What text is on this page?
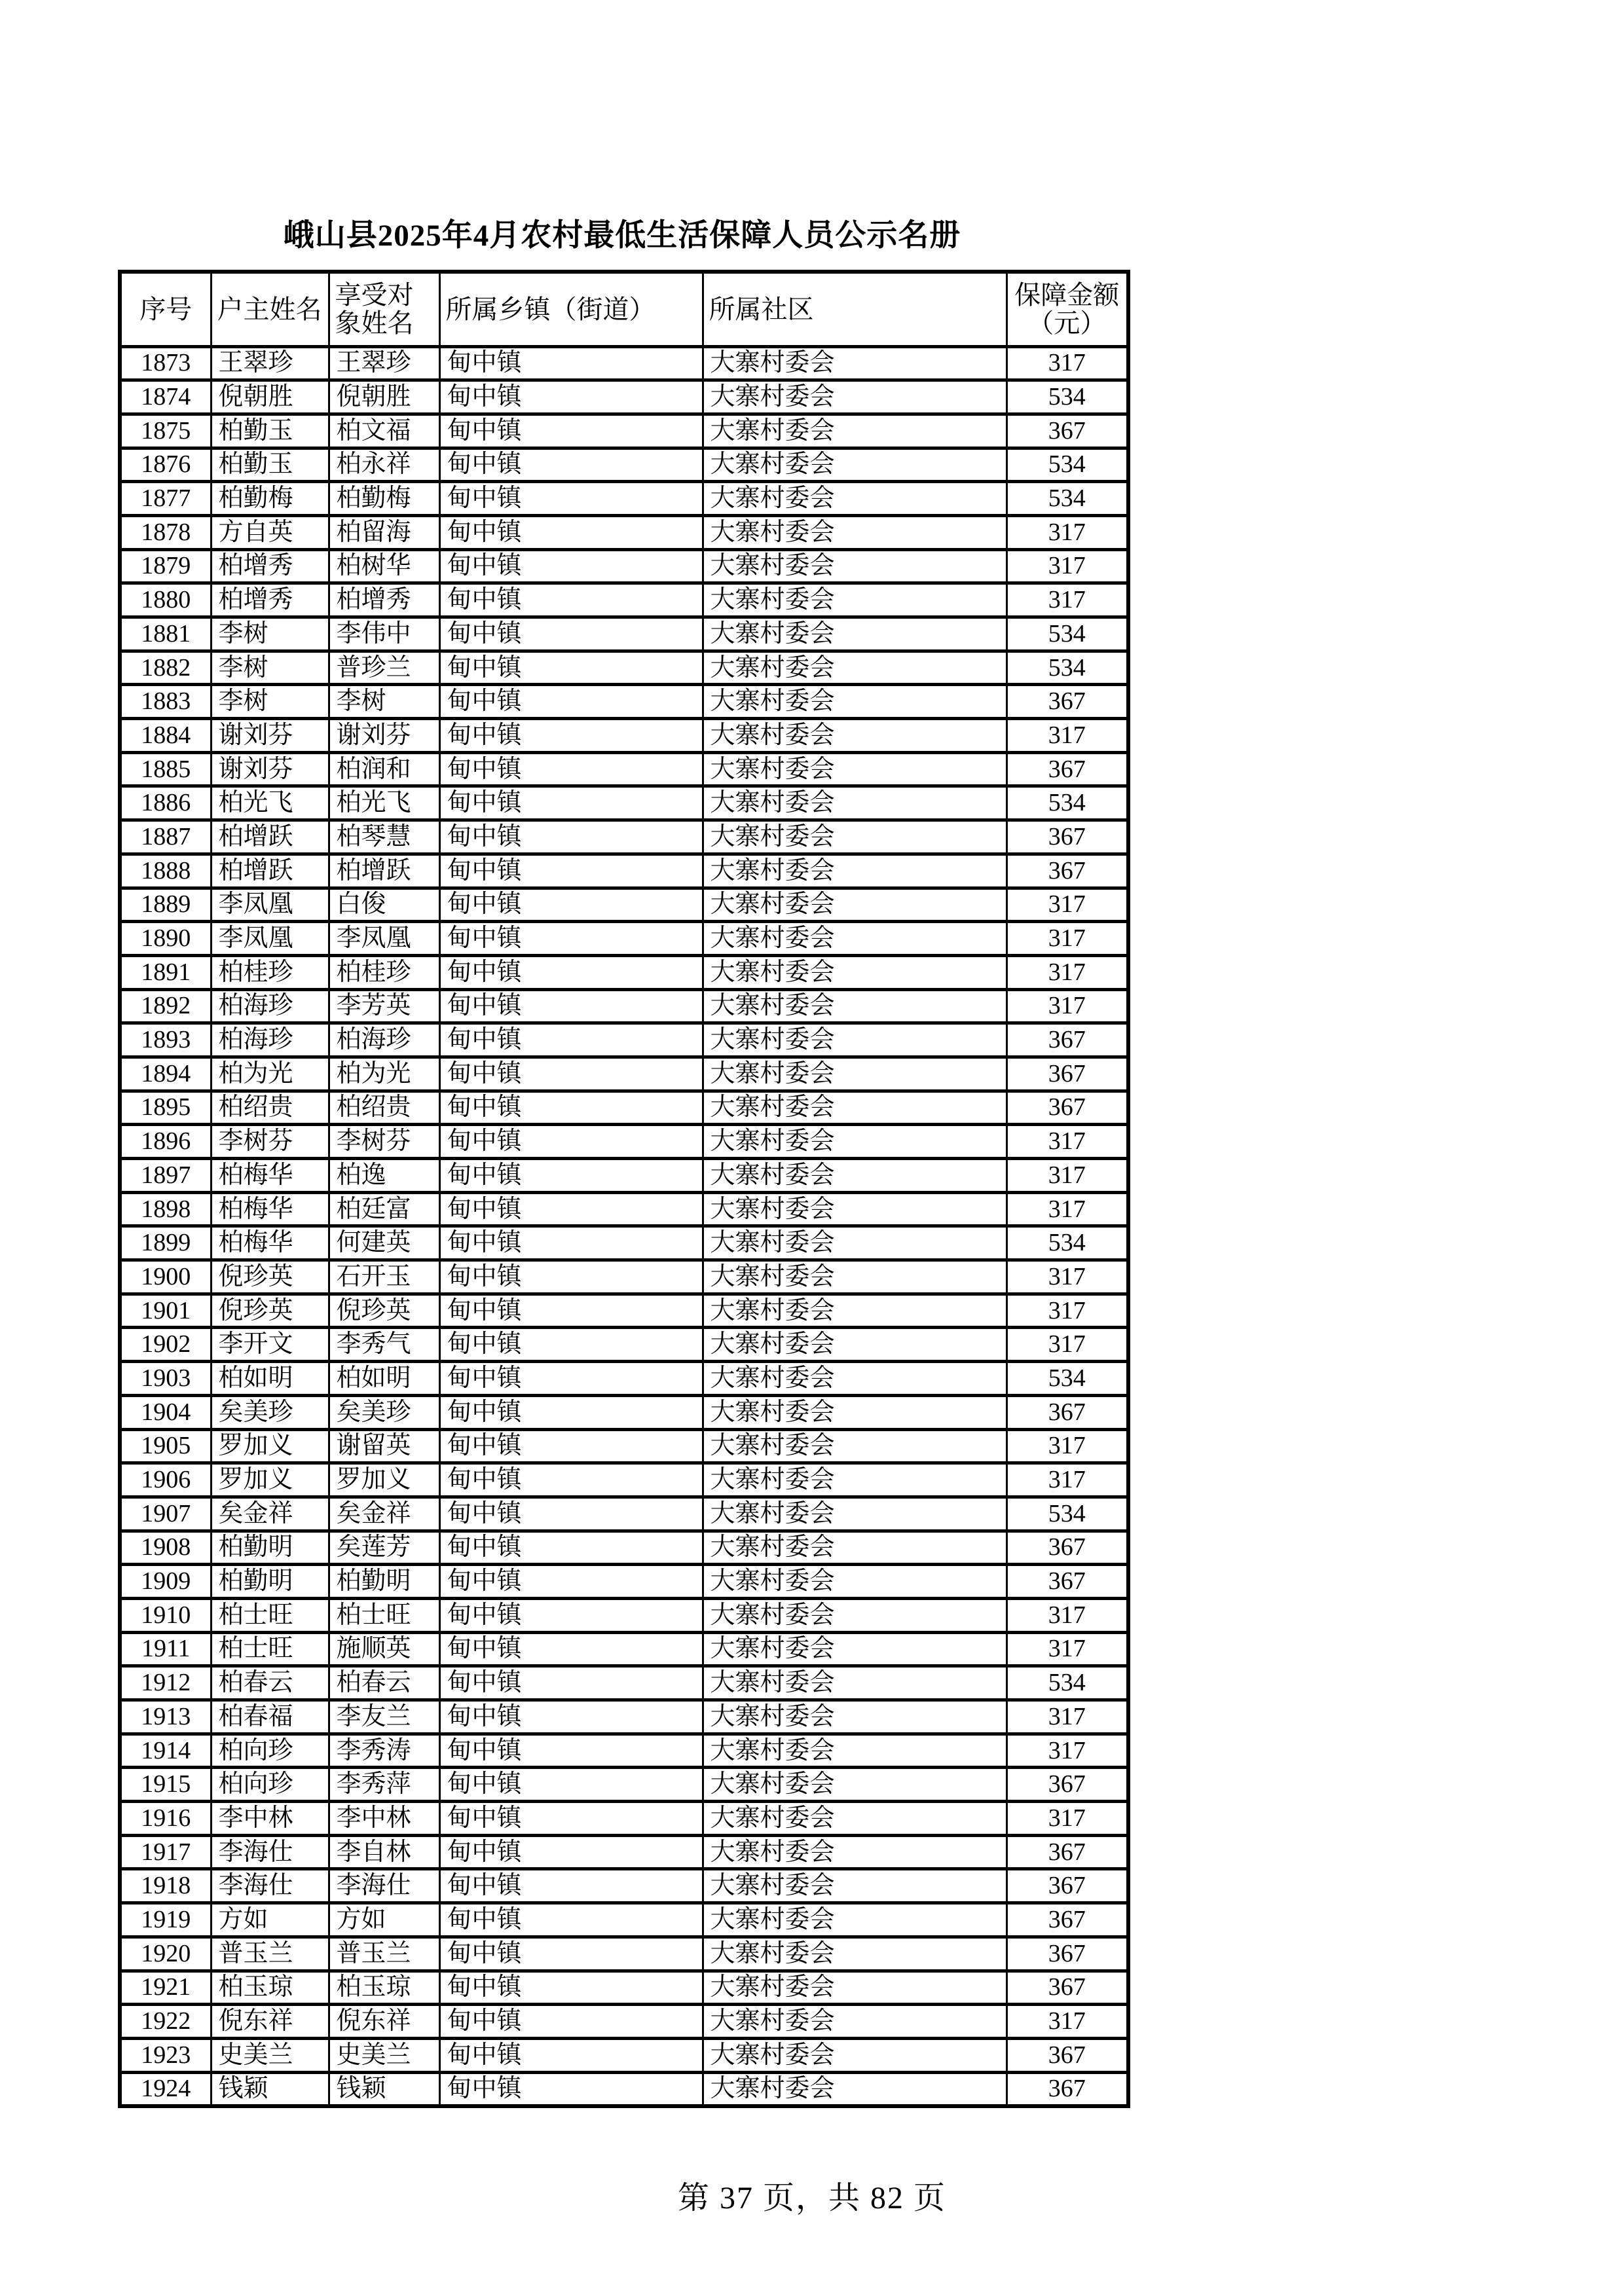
峨山县2025年4月农村最低生活保障人员公示名册
序号	户主姓名	享受对象姓名	所属乡镇（街道）	所属社区	保障金额（元）
1873	王翠珍	王翠珍	甸中镇	大寨村委会	317
1874	倪朝胜	倪朝胜	甸中镇	大寨村委会	534
1875	柏勤玉	柏文福	甸中镇	大寨村委会	367
1876	柏勤玉	柏永祥	甸中镇	大寨村委会	534
1877	柏勤梅	柏勤梅	甸中镇	大寨村委会	534
1878	方自英	柏留海	甸中镇	大寨村委会	317
1879	柏增秀	柏树华	甸中镇	大寨村委会	317
1880	柏增秀	柏增秀	甸中镇	大寨村委会	317
1881	李树	李伟中	甸中镇	大寨村委会	534
1882	李树	普珍兰	甸中镇	大寨村委会	534
1883	李树	李树	甸中镇	大寨村委会	367
1884	谢刘芬	谢刘芬	甸中镇	大寨村委会	317
1885	谢刘芬	柏润和	甸中镇	大寨村委会	367
1886	柏光飞	柏光飞	甸中镇	大寨村委会	534
1887	柏增跃	柏琴慧	甸中镇	大寨村委会	367
1888	柏增跃	柏增跃	甸中镇	大寨村委会	367
1889	李凤凰	白俊	甸中镇	大寨村委会	317
1890	李凤凰	李凤凰	甸中镇	大寨村委会	317
1891	柏桂珍	柏桂珍	甸中镇	大寨村委会	317
1892	柏海珍	李芳英	甸中镇	大寨村委会	317
1893	柏海珍	柏海珍	甸中镇	大寨村委会	367
1894	柏为光	柏为光	甸中镇	大寨村委会	367
1895	柏绍贵	柏绍贵	甸中镇	大寨村委会	367
1896	李树芬	李树芬	甸中镇	大寨村委会	317
1897	柏梅华	柏逸	甸中镇	大寨村委会	317
1898	柏梅华	柏廷富	甸中镇	大寨村委会	317
1899	柏梅华	何建英	甸中镇	大寨村委会	534
1900	倪珍英	石开玉	甸中镇	大寨村委会	317
1901	倪珍英	倪珍英	甸中镇	大寨村委会	317
1902	李开文	李秀气	甸中镇	大寨村委会	317
1903	柏如明	柏如明	甸中镇	大寨村委会	534
1904	矣美珍	矣美珍	甸中镇	大寨村委会	367
1905	罗加义	谢留英	甸中镇	大寨村委会	317
1906	罗加义	罗加义	甸中镇	大寨村委会	317
1907	矣金祥	矣金祥	甸中镇	大寨村委会	534
1908	柏勤明	矣莲芳	甸中镇	大寨村委会	367
1909	柏勤明	柏勤明	甸中镇	大寨村委会	367
1910	柏士旺	柏士旺	甸中镇	大寨村委会	317
1911	柏士旺	施顺英	甸中镇	大寨村委会	317
1912	柏春云	柏春云	甸中镇	大寨村委会	534
1913	柏春福	李友兰	甸中镇	大寨村委会	317
1914	柏向珍	李秀涛	甸中镇	大寨村委会	317
1915	柏向珍	李秀萍	甸中镇	大寨村委会	367
1916	李中林	李中林	甸中镇	大寨村委会	317
1917	李海仕	李自林	甸中镇	大寨村委会	367
1918	李海仕	李海仕	甸中镇	大寨村委会	367
1919	方如	方如	甸中镇	大寨村委会	367
1920	普玉兰	普玉兰	甸中镇	大寨村委会	367
1921	柏玉琼	柏玉琼	甸中镇	大寨村委会	367
1922	倪东祥	倪东祥	甸中镇	大寨村委会	317
1923	史美兰	史美兰	甸中镇	大寨村委会	367
1924	钱颖	钱颖	甸中镇	大寨村委会	367
第 37 页，共 82 页
